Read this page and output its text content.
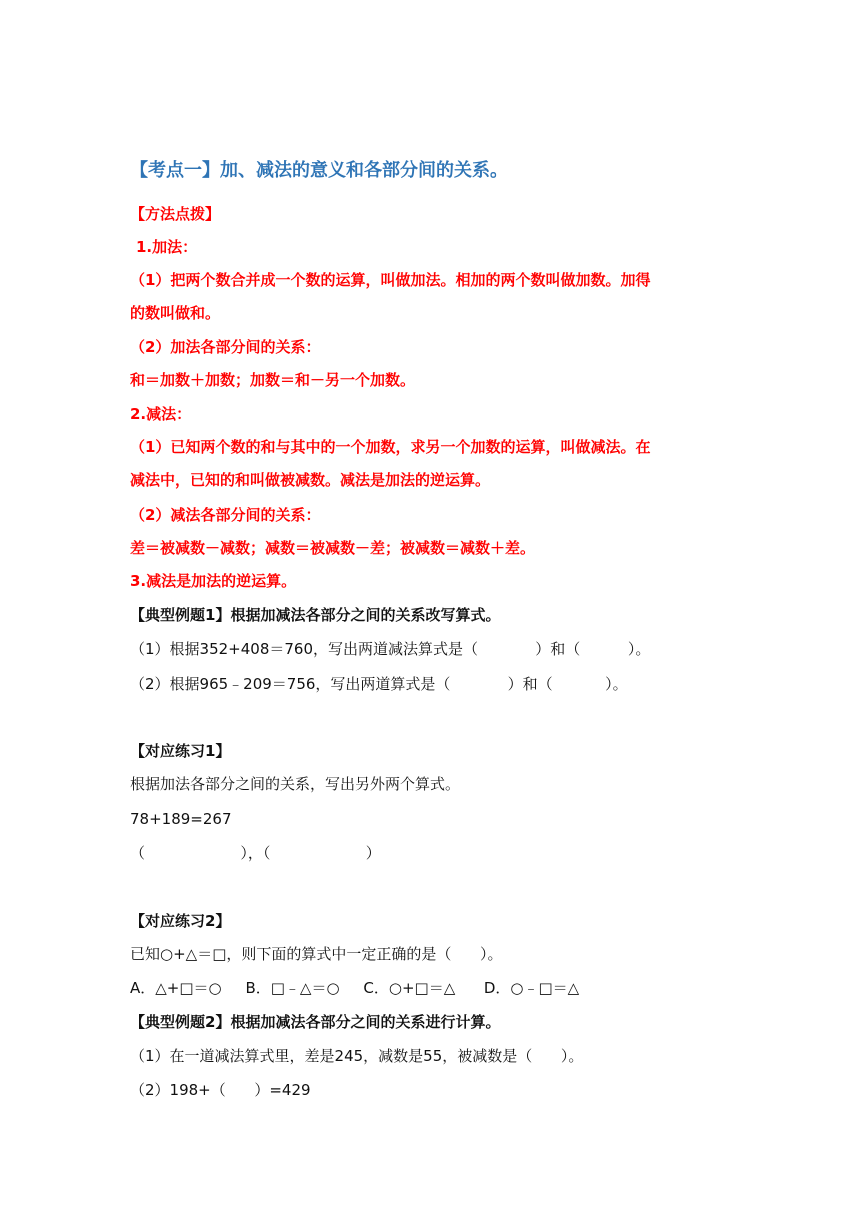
【考点一】加、减法的意义和各部分间的关系。
【方法点拨】
1.加法：
（1）把两个数合并成一个数的运算，叫做加法。相加的两个数叫做加数。加得
的数叫做和。
（2）加法各部分间的关系：
和＝加数＋加数；加数＝和－另一个加数。
2.减法：
（1）已知两个数的和与其中的一个加数，求另一个加数的运算，叫做减法。在
减法中，已知的和叫做被减数。减法是加法的逆运算。
（2）减法各部分间的关系：
差＝被减数－减数；减数＝被减数－差；被减数＝减数＋差。
3.减法是加法的逆运算。
【典型例题1】根据加减法各部分之间的关系改写算式。
（1）根据352+408＝760，写出两道减法算式是（            ）和（          ）。
（2）根据965﹣209＝756，写出两道算式是（            ）和（           ）。
【对应练习1】
根据加法各部分之间的关系，写出另外两个算式。
78+189=267
（                    ），（                    ）
【对应练习2】
已知○+△＝□，则下面的算式中一定正确的是（      ）。
A．△+□＝○     B．□﹣△＝○     C．○+□＝△      D．○﹣□＝△
【典型例题2】根据加减法各部分之间的关系进行计算。
（1）在一道减法算式里，差是245，减数是55，被减数是（      ）。
（2）198+（      ）=429
